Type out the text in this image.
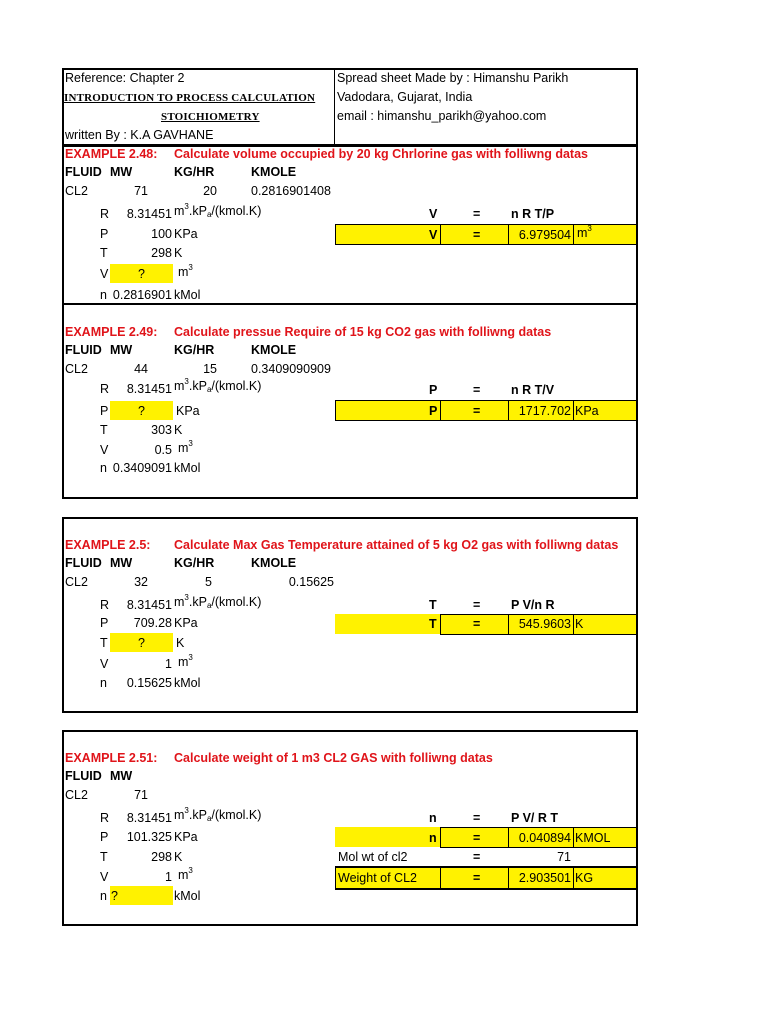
Reference: Chapter 2
INTRODUCTION TO PROCESS CALCULATION
STOICHIOMETRY
written By : K.A GAVHANE
Spread sheet Made by : Himanshu Parikh
Vadodara, Gujarat, India
email : himanshu_parikh@yahoo.com
EXAMPLE 2.48: Calculate volume occupied by 20 kg Chrlorine gas with folliwng datas
FLUID MW	KG/HR	KMOLE
CL2	71	20	0.2816901408
R	8.31451 $m^3.kPa/(kmol.K)$
P	100 KPa
T	298 K
V	?	$m^3$
n 0.2816901 kMol
V	= n R T/P
V	=	6.979504 $m^3$
EXAMPLE 2.49: Calculate pressue Require of 15 kg CO2 gas with folliwng datas
FLUID MW	KG/HR	KMOLE
CL2	44	15	0.3409090909
R	8.31451 $m^3.kPa/(kmol.K)$
P	?	KPa
T	303 K
V	0.5 $m^3$
n 0.3409091 kMol
P	= n R T/V
P	=	1717.702 KPa
EXAMPLE 2.5: Calculate Max Gas Temperature attained of 5 kg O2 gas with folliwng datas
FLUID MW	KG/HR	KMOLE
CL2	32	5	0.15625
R	8.31451 $m^3.kPa/(kmol.K)$
P	709.28 KPa
T	?	K
V	1 $m^3$
n	0.15625 kMol
T	= P V/n R
T	=	545.9603 K
EXAMPLE 2.51: Calculate weight of 1 m3 CL2 GAS with folliwng datas
FLUID MW
CL2	71
R	8.31451 $m^3.kPa/(kmol.K)$
P	101.325 KPa
T	298 K
V	1 $m^3$
n ?	kMol
n	= P V/ R T
n	=	0.040894 KMOL
Mol wt of cl2	=	71
Weight of CL2	=	2.903501 KG
